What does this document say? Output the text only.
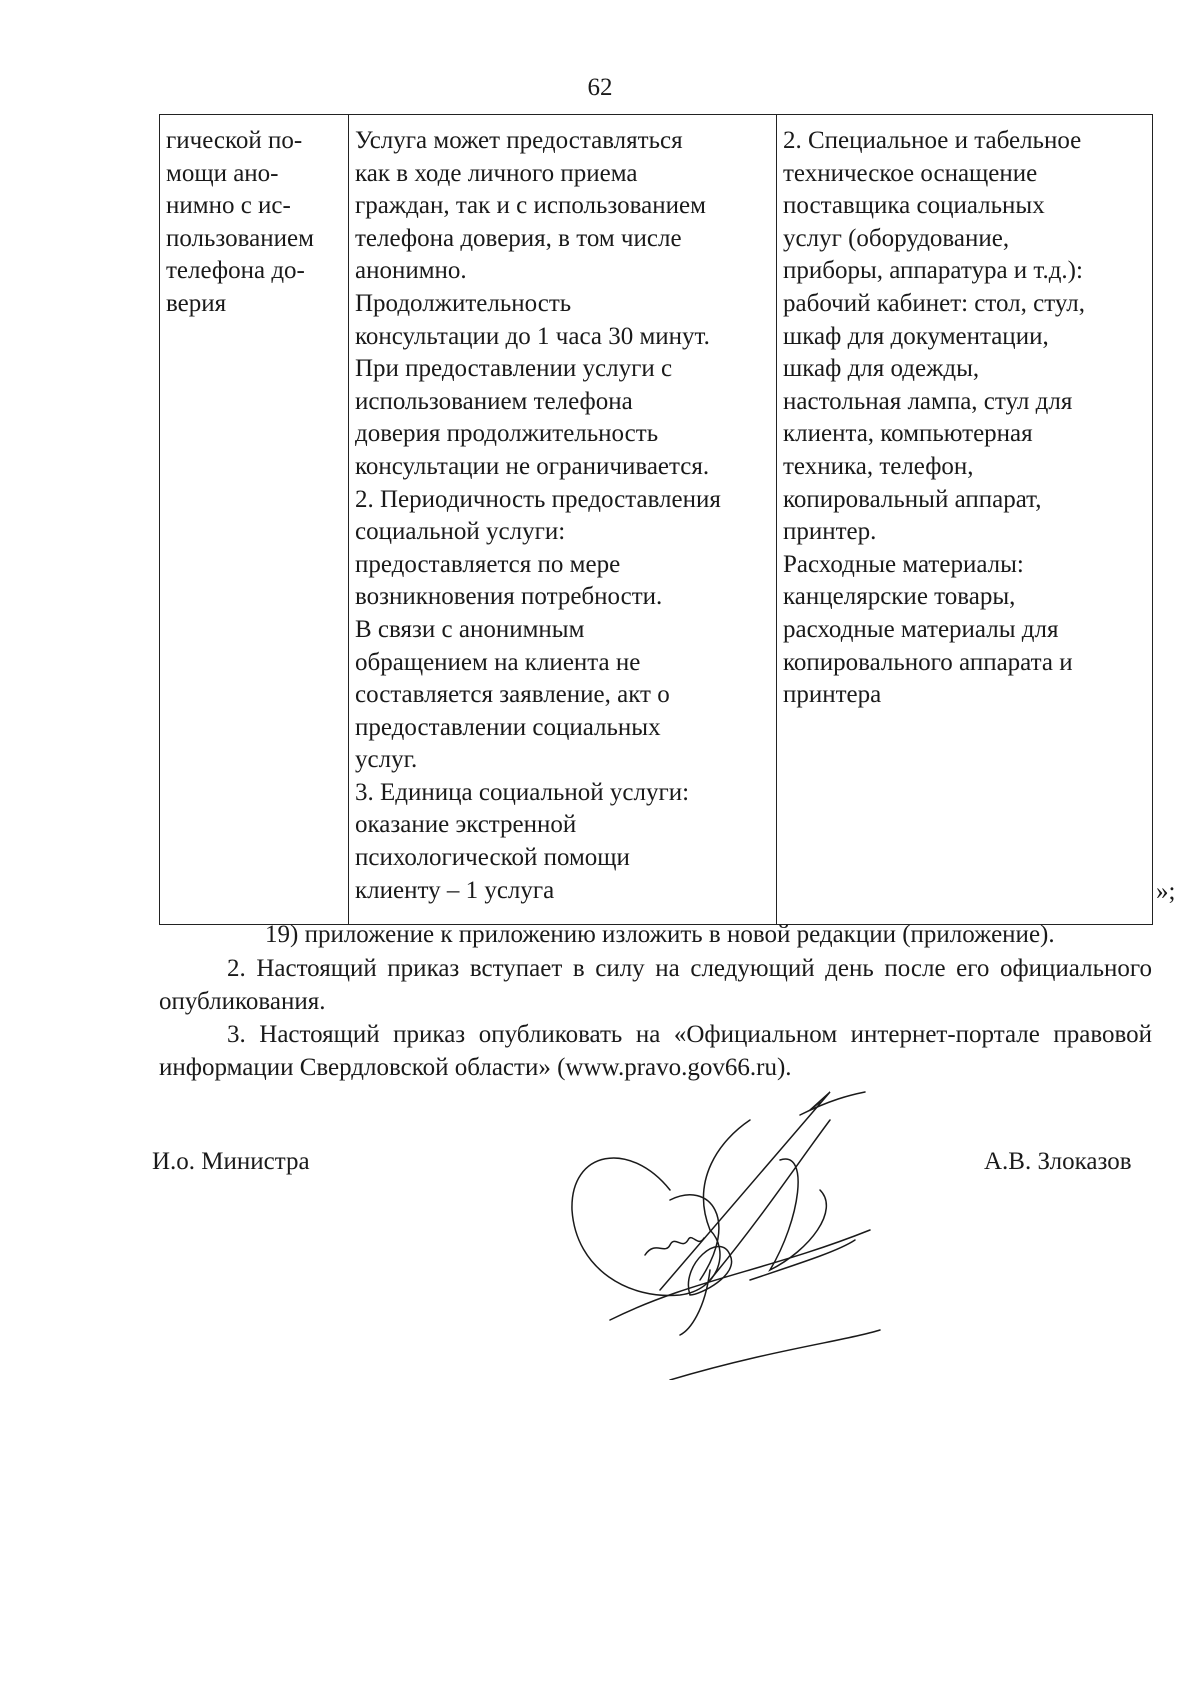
62
гической по-
мощи ано-
нимно с ис-
пользованием
телефона до-
верия

Услуга может предоставляться
как в ходе личного приема
граждан, так и с использованием
телефона доверия, в том числе
анонимно.
Продолжительность
консультации до 1 часа 30 минут.
При предоставлении услуги с
использованием телефона
доверия продолжительность
консультации не ограничивается.
2. Периодичность предоставления
социальной услуги:
предоставляется по мере
возникновения потребности.
В связи с анонимным
обращением на клиента не
составляется заявление, акт о
предоставлении социальных
услуг.
3. Единица социальной услуги:
оказание экстренной
психологической помощи
клиенту – 1 услуга

2. Специальное и табельное
техническое оснащение
поставщика социальных
услуг (оборудование,
приборы, аппаратура и т.д.):
рабочий кабинет: стол, стул,
шкаф для документации,
шкаф для одежды,
настольная лампа, стул для
клиента, компьютерная
техника, телефон,
копировальный аппарат,
принтер.
Расходные материалы:
канцелярские товары,
расходные материалы для
копировального аппарата и
принтера
»;
19) приложение к приложению изложить в новой редакции (приложение).
2. Настоящий приказ вступает в силу на следующий день после его официального опубликования.
3. Настоящий приказ опубликовать на «Официальном интернет-портале правовой информации Свердловской области» (www.pravo.gov66.ru).
И.о. Министра	А.В. Злоказов
